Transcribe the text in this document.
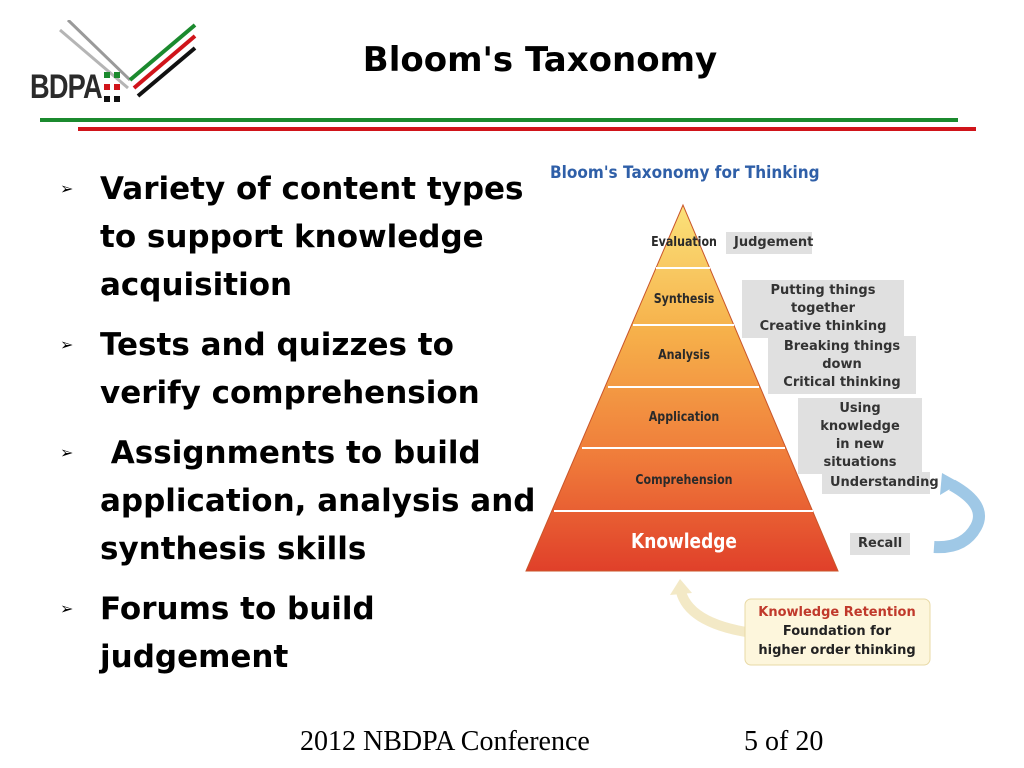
BDPA
Bloom's Taxonomy
➢ Variety of content types to support knowledge acquisition
➢ Tests and quizzes to verify comprehension
➢ Assignments to build application, analysis and synthesis skills
➢ Forums to build judgement
Bloom's Taxonomy for Thinking
Evaluation
Synthesis
Analysis
Application
Comprehension
Knowledge
Judgement
Putting things together
Creative thinking
Breaking things down
Critical thinking
Using knowledge
in new situations
Understanding
Recall
Knowledge Retention
Foundation for
higher order thinking
2012 NBDPA Conference	5 of 20
